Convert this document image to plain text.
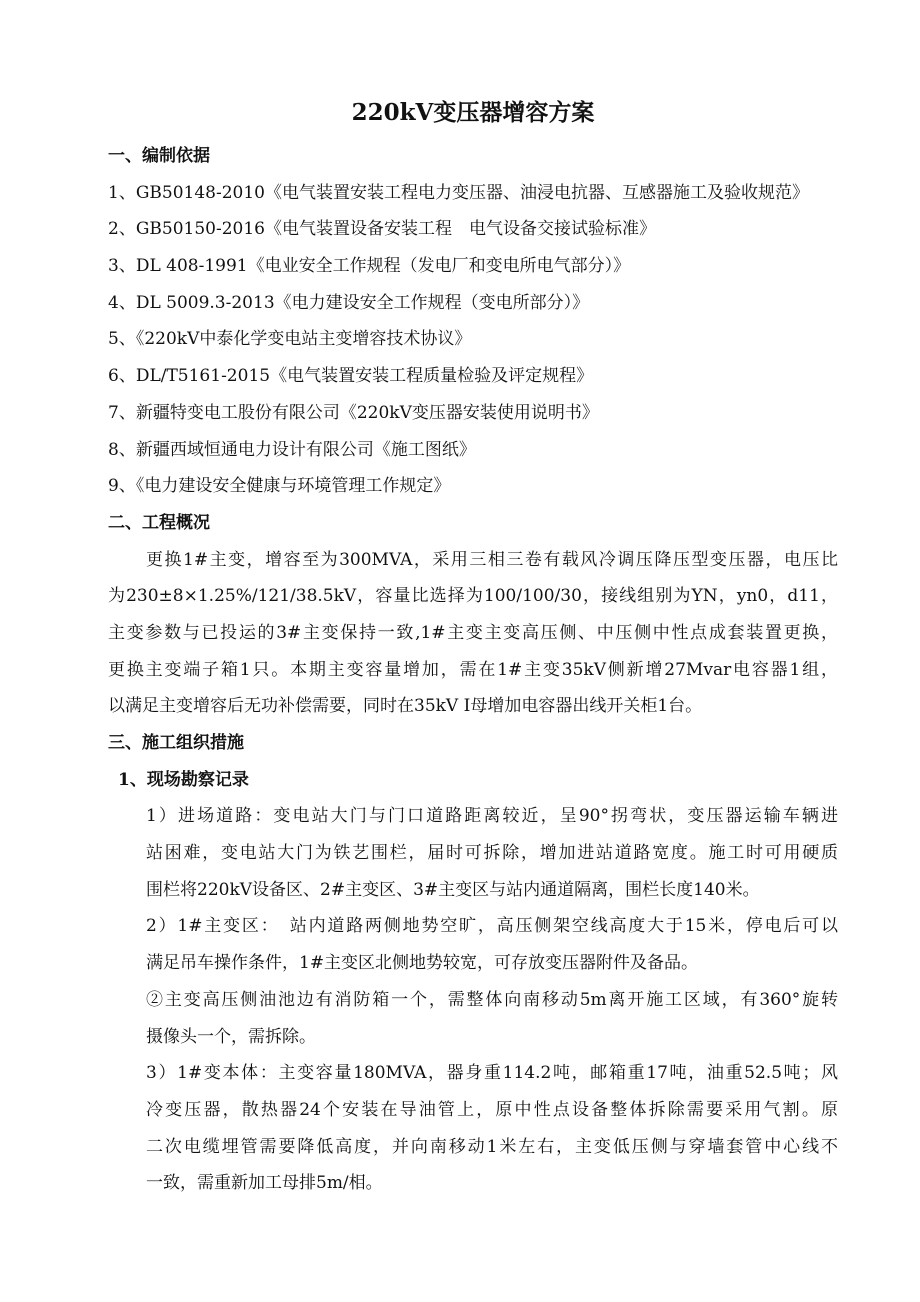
220kV变压器增容方案
一、编制依据
1、GB50148-2010《电气装置安装工程电力变压器、油浸电抗器、互感器施工及验收规范》
2、GB50150-2016《电气装置设备安装工程　电气设备交接试验标准》
3、DL 408-1991《电业安全工作规程（发电厂和变电所电气部分）》
4、DL 5009.3-2013《电力建设安全工作规程（变电所部分）》
5、《220kV中泰化学变电站主变增容技术协议》
6、DL/T5161-2015《电气装置安装工程质量检验及评定规程》
7、新疆特变电工股份有限公司《220kV变压器安装使用说明书》
8、新疆西域恒通电力设计有限公司《施工图纸》
9、《电力建设安全健康与环境管理工作规定》
二、工程概况
更换1#主变，增容至为300MVA，采用三相三卷有载风冷调压降压型变压器，电压比
为230±8×1.25%/121/38.5kV，容量比选择为100/100/30，接线组别为YN，yn0，d11，
主变参数与已投运的3#主变保持一致,1#主变主变高压侧、中压侧中性点成套装置更换，
更换主变端子箱1只。本期主变容量增加，需在1#主变35kV侧新增27Mvar电容器1组，
以满足主变增容后无功补偿需要，同时在35kV Ⅰ母增加电容器出线开关柜1台。
三、施工组织措施
1、现场勘察记录
1）进场道路：变电站大门与门口道路距离较近，呈90°拐弯状，变压器运输车辆进
站困难，变电站大门为铁艺围栏，届时可拆除，增加进站道路宽度。施工时可用硬质
围栏将220kV设备区、2#主变区、3#主变区与站内通道隔离，围栏长度140米。
2）1#主变区：　站内道路两侧地势空旷，高压侧架空线高度大于15米，停电后可以
满足吊车操作条件，1#主变区北侧地势较宽，可存放变压器附件及备品。
②主变高压侧油池边有消防箱一个，需整体向南移动5m离开施工区域，有360°旋转
摄像头一个，需拆除。
3）1#变本体：主变容量180MVA，器身重114.2吨，邮箱重17吨，油重52.5吨；风
冷变压器，散热器24个安装在导油管上，原中性点设备整体拆除需要采用气割。原
二次电缆埋管需要降低高度，并向南移动1米左右，主变低压侧与穿墙套管中心线不
一致，需重新加工母排5m/相。
